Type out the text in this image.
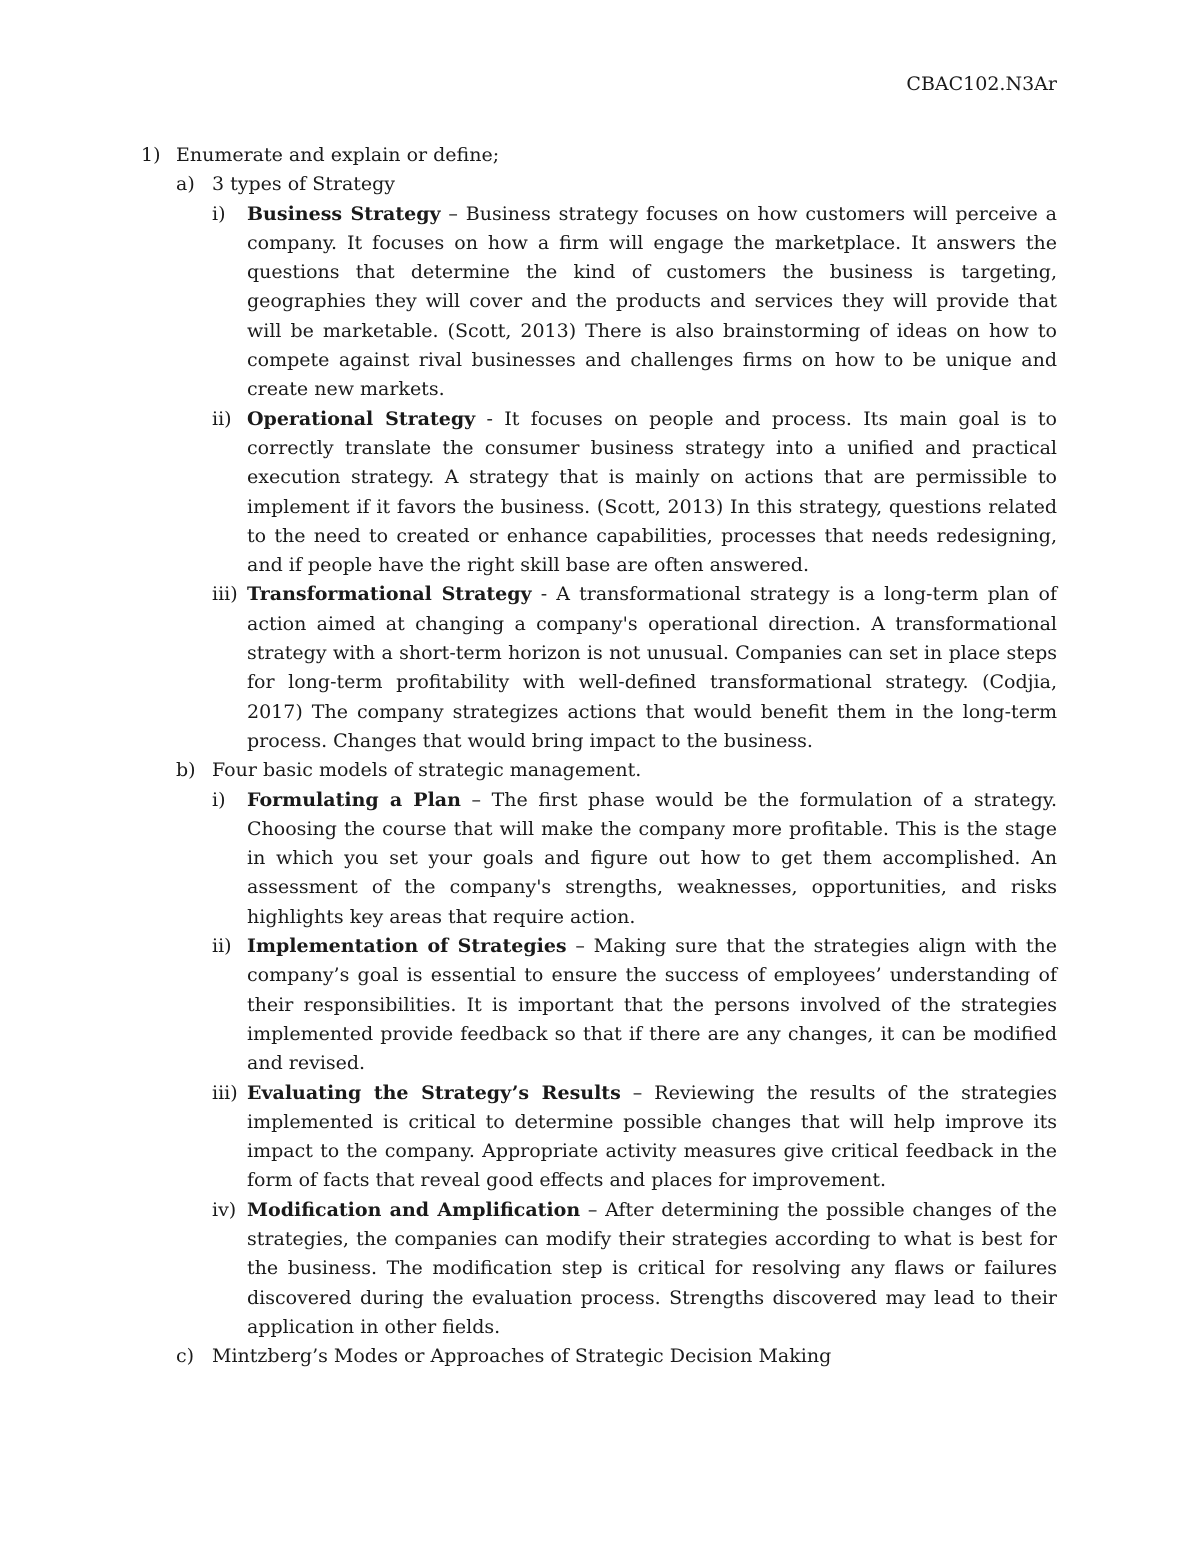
CBAC102.N3Ar
1) Enumerate and explain or define;
a) 3 types of Strategy
i) Business Strategy – Business strategy focuses on how customers will perceive a company. It focuses on how a firm will engage the marketplace. It answers the questions that determine the kind of customers the business is targeting, geographies they will cover and the products and services they will provide that will be marketable. (Scott, 2013) There is also brainstorming of ideas on how to compete against rival businesses and challenges firms on how to be unique and create new markets.
ii) Operational Strategy - It focuses on people and process. Its main goal is to correctly translate the consumer business strategy into a unified and practical execution strategy. A strategy that is mainly on actions that are permissible to implement if it favors the business. (Scott, 2013) In this strategy, questions related to the need to created or enhance capabilities, processes that needs redesigning, and if people have the right skill base are often answered.
iii) Transformational Strategy - A transformational strategy is a long-term plan of action aimed at changing a company's operational direction. A transformational strategy with a short-term horizon is not unusual. Companies can set in place steps for long-term profitability with well-defined transformational strategy. (Codjia, 2017) The company strategizes actions that would benefit them in the long-term process. Changes that would bring impact to the business.
b) Four basic models of strategic management.
i) Formulating a Plan – The first phase would be the formulation of a strategy. Choosing the course that will make the company more profitable. This is the stage in which you set your goals and figure out how to get them accomplished. An assessment of the company's strengths, weaknesses, opportunities, and risks highlights key areas that require action.
ii) Implementation of Strategies – Making sure that the strategies align with the company’s goal is essential to ensure the success of employees’ understanding of their responsibilities. It is important that the persons involved of the strategies implemented provide feedback so that if there are any changes, it can be modified and revised.
iii) Evaluating the Strategy’s Results – Reviewing the results of the strategies implemented is critical to determine possible changes that will help improve its impact to the company. Appropriate activity measures give critical feedback in the form of facts that reveal good effects and places for improvement.
iv) Modification and Amplification – After determining the possible changes of the strategies, the companies can modify their strategies according to what is best for the business. The modification step is critical for resolving any flaws or failures discovered during the evaluation process. Strengths discovered may lead to their application in other fields.
c) Mintzberg’s Modes or Approaches of Strategic Decision Making
